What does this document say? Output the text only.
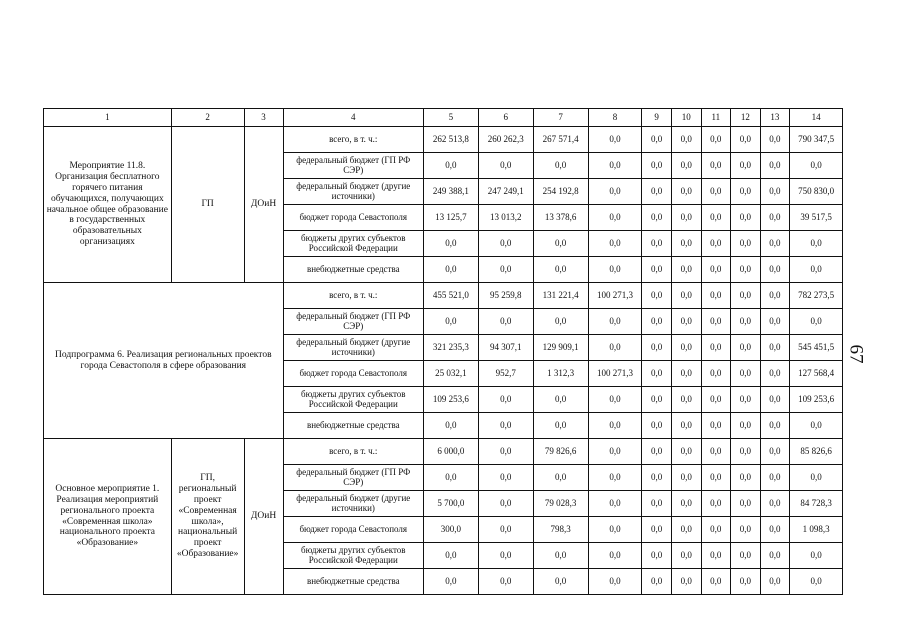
67
1	2	3	4	5	6	7	8	9	10	11	12	13	14
Мероприятие 11.8. Организация бесплатного горячего питания обучающихся, получающих начальное общее образование в государственных образовательных организациях	ГП	ДОиН	всего, в т. ч.:	262 513,8	260 262,3	267 571,4	0,0	0,0	0,0	0,0	0,0	0,0	790 347,5
			федеральный бюджет (ГП РФ СЭР)	0,0	0,0	0,0	0,0	0,0	0,0	0,0	0,0	0,0	0,0
			федеральный бюджет (другие источники)	249 388,1	247 249,1	254 192,8	0,0	0,0	0,0	0,0	0,0	0,0	750 830,0
			бюджет города Севастополя	13 125,7	13 013,2	13 378,6	0,0	0,0	0,0	0,0	0,0	0,0	39 517,5
			бюджеты других субъектов Российской Федерации	0,0	0,0	0,0	0,0	0,0	0,0	0,0	0,0	0,0	0,0
			внебюджетные средства	0,0	0,0	0,0	0,0	0,0	0,0	0,0	0,0	0,0	0,0
Подпрограмма 6. Реализация региональных проектов города Севастополя в сфере образования			всего, в т. ч.:	455 521,0	95 259,8	131 221,4	100 271,3	0,0	0,0	0,0	0,0	0,0	782 273,5
			федеральный бюджет (ГП РФ СЭР)	0,0	0,0	0,0	0,0	0,0	0,0	0,0	0,0	0,0	0,0
			федеральный бюджет (другие источники)	321 235,3	94 307,1	129 909,1	0,0	0,0	0,0	0,0	0,0	0,0	545 451,5
			бюджет города Севастополя	25 032,1	952,7	1 312,3	100 271,3	0,0	0,0	0,0	0,0	0,0	127 568,4
			бюджеты других субъектов Российской Федерации	109 253,6	0,0	0,0	0,0	0,0	0,0	0,0	0,0	0,0	109 253,6
			внебюджетные средства	0,0	0,0	0,0	0,0	0,0	0,0	0,0	0,0	0,0	0,0
Основное мероприятие 1. Реализация мероприятий регионального проекта «Современная школа» национального проекта «Образование»	ГП, региональный проект «Современная школа», национальный проект «Образование»	ДОиН	всего, в т. ч.:	6 000,0	0,0	79 826,6	0,0	0,0	0,0	0,0	0,0	0,0	85 826,6
			федеральный бюджет (ГП РФ СЭР)	0,0	0,0	0,0	0,0	0,0	0,0	0,0	0,0	0,0	0,0
			федеральный бюджет (другие источники)	5 700,0	0,0	79 028,3	0,0	0,0	0,0	0,0	0,0	0,0	84 728,3
			бюджет города Севастополя	300,0	0,0	798,3	0,0	0,0	0,0	0,0	0,0	0,0	1 098,3
			бюджеты других субъектов Российской Федерации	0,0	0,0	0,0	0,0	0,0	0,0	0,0	0,0	0,0	0,0
			внебюджетные средства	0,0	0,0	0,0	0,0	0,0	0,0	0,0	0,0	0,0	0,0
